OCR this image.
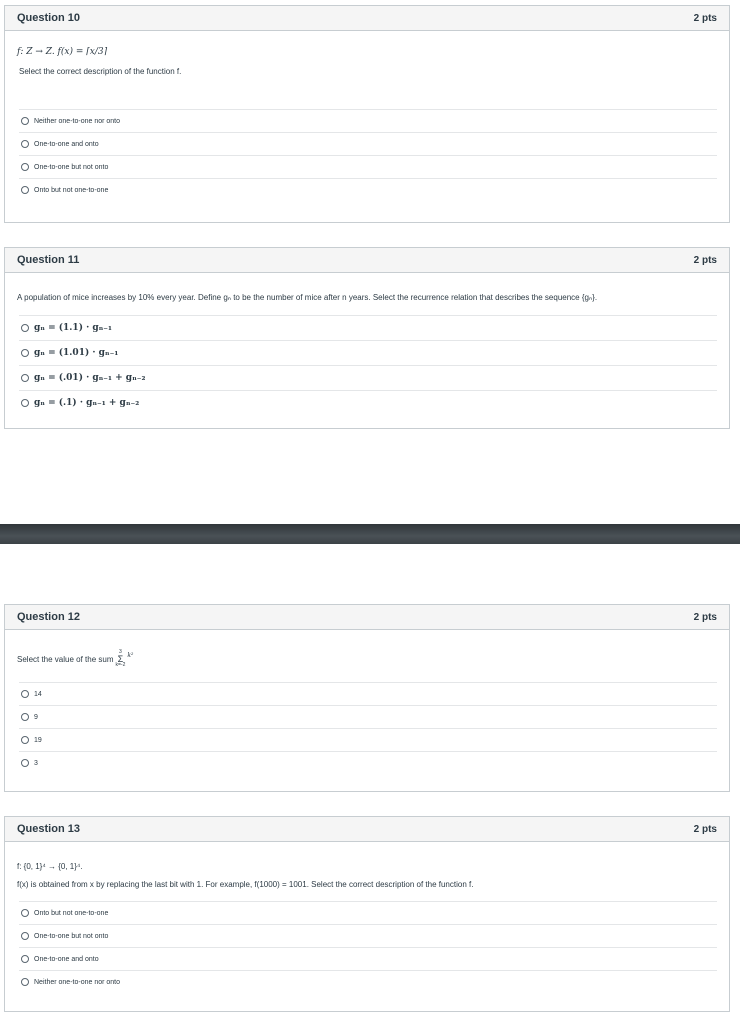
Question 10	2 pts
f: Z → Z. f(x) = ⌈x/3⌉
Select the correct description of the function f.
Neither one-to-one nor onto
One-to-one and onto
One-to-one but not onto
Onto but not one-to-one
Question 11	2 pts
A population of mice increases by 10% every year. Define gₙ to be the number of mice after n years. Select the recurrence relation that describes the sequence {gₙ}.
gₙ = (1.1) · gₙ₋₁
gₙ = (1.01) · gₙ₋₁
gₙ = (.01) · gₙ₋₁ + gₙ₋₂
gₙ = (.1) · gₙ₋₁ + gₙ₋₂
Question 12	2 pts
Select the value of the sum
3
Σ
k=-2
k²
14
9
19
3
Question 13	2 pts
f: {0, 1}⁴ → {0, 1}⁴.
f(x) is obtained from x by replacing the last bit with 1. For example, f(1000) = 1001. Select the correct description of the function f.
Onto but not one-to-one
One-to-one but not onto
One-to-one and onto
Neither one-to-one nor onto
